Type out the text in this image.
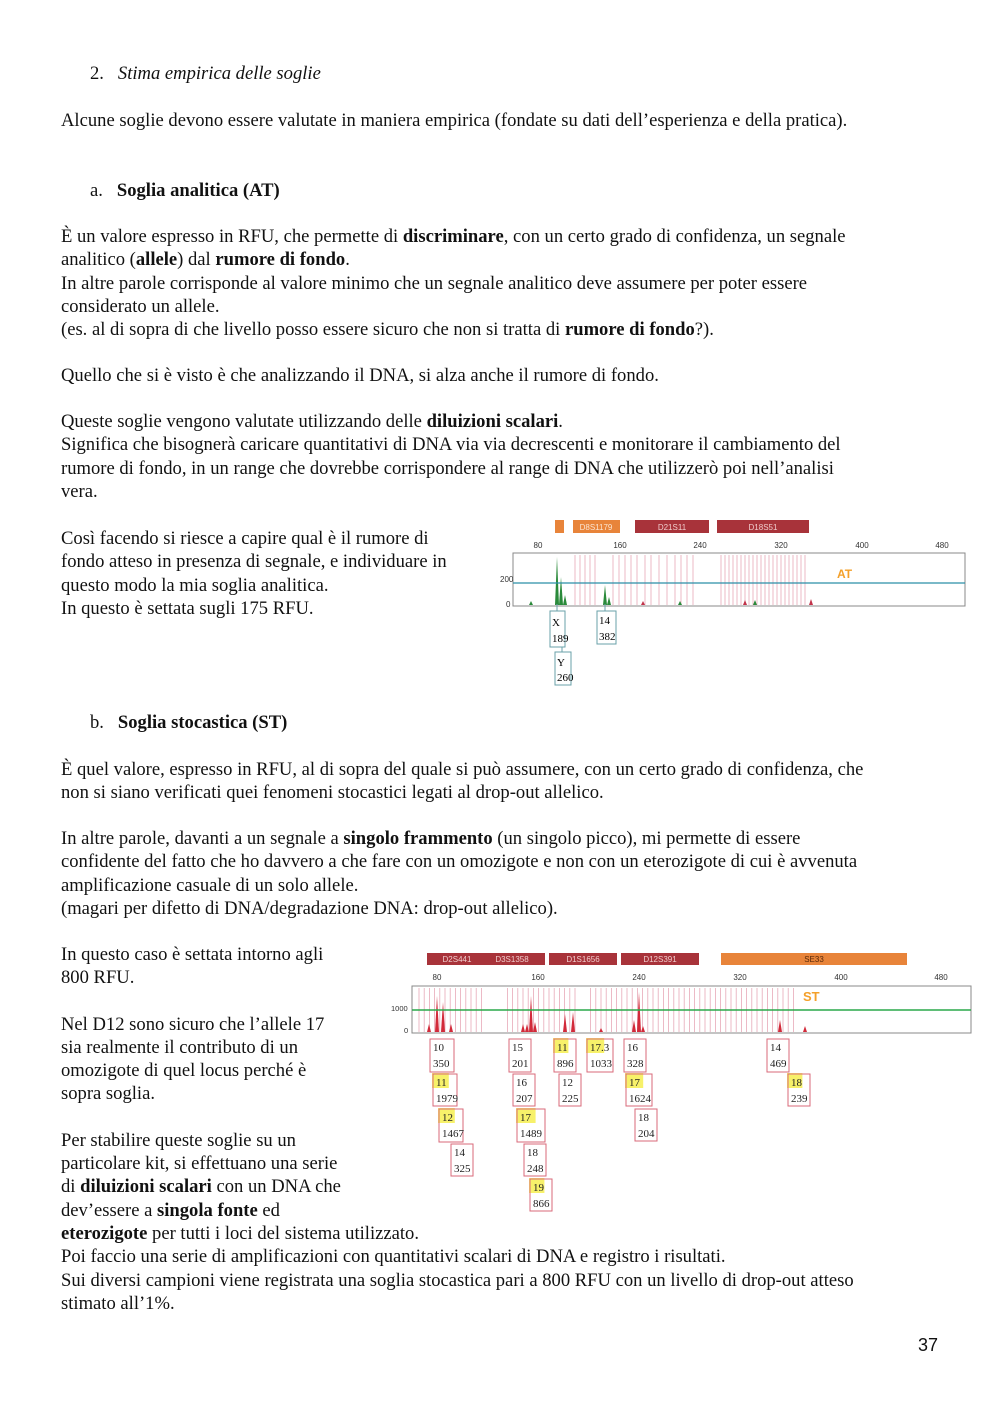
2. Stima empirica delle soglie
Alcune soglie devono essere valutate in maniera empirica (fondate su dati dell’esperienza e della pratica).
a. Soglia analitica (AT)
È un valore espresso in RFU, che permette di discriminare, con un certo grado di confidenza, un segnale
analitico (allele) dal rumore di fondo.
In altre parole corrisponde al valore minimo che un segnale analitico deve assumere per poter essere
considerato un allele.
(es. al di sopra di che livello posso essere sicuro che non si tratta di rumore di fondo?).
Quello che si è visto è che analizzando il DNA, si alza anche il rumore di fondo.
Queste soglie vengono valutate utilizzando delle diluizioni scalari.
Significa che bisognerà caricare quantitativi di DNA via via decrescenti e monitorare il cambiamento del
rumore di fondo, in un range che dovrebbe corrispondere al range di DNA che utilizzerò poi nell’analisi
vera.
Così facendo si riesce a capire qual è il rumore di
fondo atteso in presenza di segnale, e individuare in
questo modo la mia soglia analitica.
In questo è settata sugli 175 RFU.
D8S1179	D21S11	D18S51
80	160	240	320	400	480
200
0
AT
X
189
14
382
Y
260
b. Soglia stocastica (ST)
È quel valore, espresso in RFU, al di sopra del quale si può assumere, con un certo grado di confidenza, che
non si siano verificati quei fenomeni stocastici legati al drop-out allelico.
In altre parole, davanti a un segnale a singolo frammento (un singolo picco), mi permette di essere
confidente del fatto che ho davvero a che fare con un omozigote e non con un eterozigote di cui è avvenuta
amplificazione casuale di un solo allele.
(magari per difetto di DNA/degradazione DNA: drop-out allelico).
In questo caso è settata intorno agli
800 RFU.
Nel D12 sono sicuro che l’allele 17
sia realmente il contributo di un
omozigote di quel locus perché è
sopra soglia.
Per stabilire queste soglie su un
particolare kit, si effettuano una serie
di diluizioni scalari con un DNA che
dev’essere a singola fonte ed
eterozigote per tutti i loci del sistema utilizzato.
Poi faccio una serie di amplificazioni con quantitativi scalari di DNA e registro i risultati.
Sui diversi campioni viene registrata una soglia stocastica pari a 800 RFU con un livello di drop-out atteso
stimato all’1%.
D2S441	D3S1358	D1S1656	D12S391	SE33
80	160	240	320	400	480
1000
0
ST
10
350
11
1979
12
1467
14
325
15
201
16
207
17
1489
18
248
19
866
11
896
17.3
1033
12
225
16
328
17
1624
18
204
14
469
18
239
37
